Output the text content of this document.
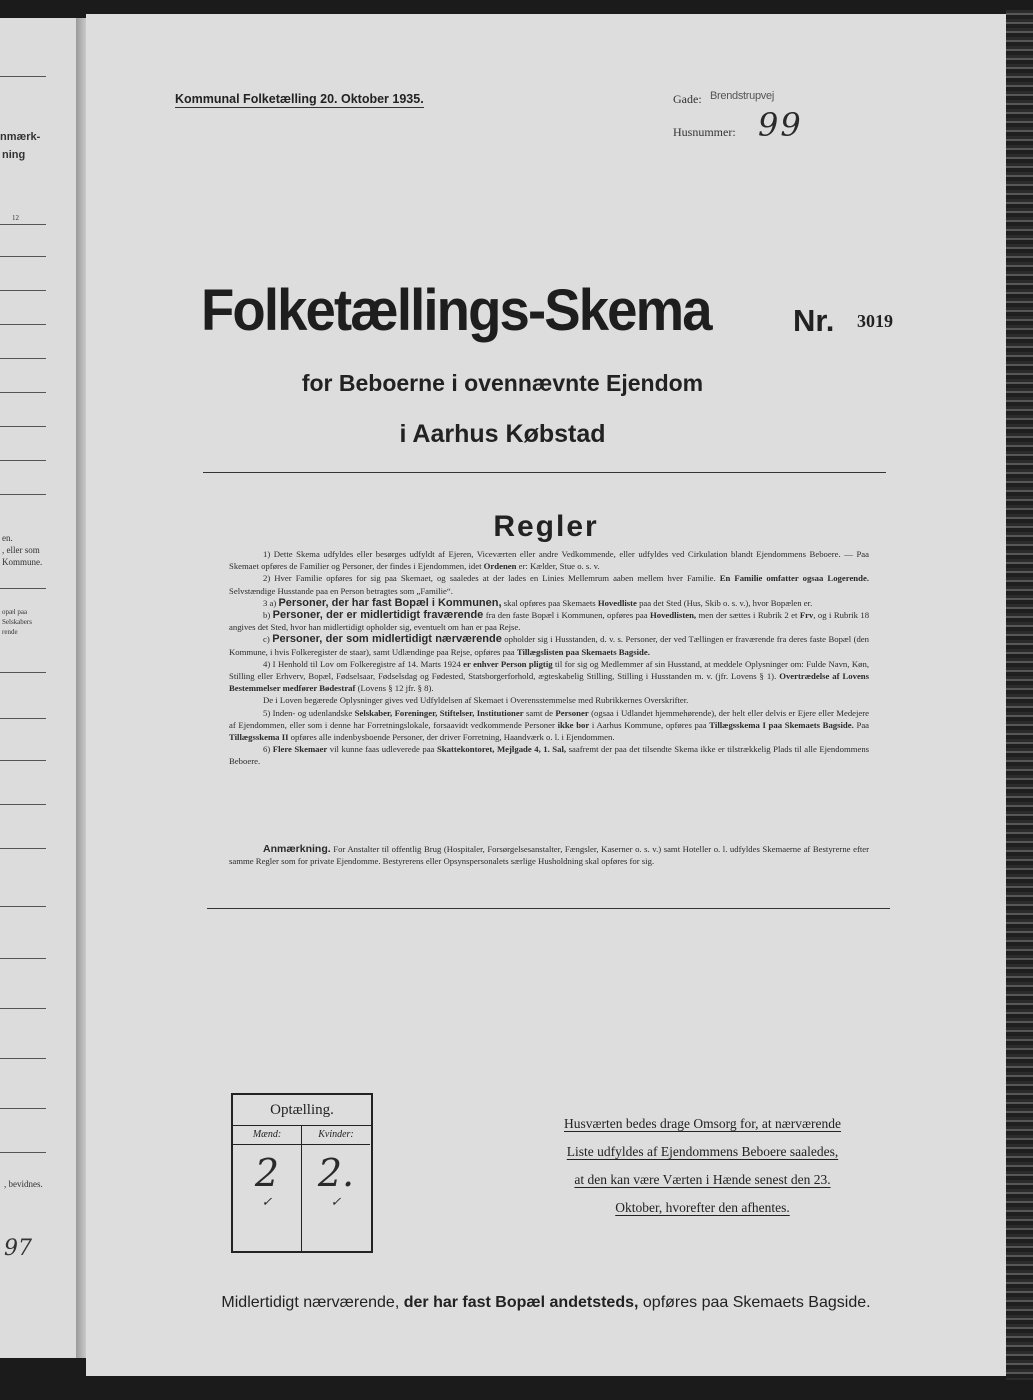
nmærk-
ning
12
en.
, eller som
Kommune.
opæl paa
Selskabers
rende
, bevidnes.
97
Kommunal Folketælling 20. Oktober 1935.	Gade: Brendstrupvej
Husnummer: 99
Folketællings-Skema	Nr. 3019
for Beboerne i ovennævnte Ejendom
i Aarhus Købstad
Regler

1) Dette Skema udfyldes eller besørges udfyldt af Ejeren, Viceværten eller andre Vedkommende, eller udfyldes ved Cirkulation blandt Ejendommens Beboere. — Paa Skemaet opføres de Familier og Personer, der findes i Ejendommen, idet Ordenen er: Kælder, Stue o. s. v.

2) Hver Familie opføres for sig paa Skemaet, og saaledes at der lades en Linies Mellemrum aaben mellem hver Familie. En Familie omfatter ogsaa Logerende. Selvstændige Husstande paa en Person betragtes som „Familie“.

3 a) Personer, der har fast Bopæl i Kommunen, skal opføres paa Skemaets Hovedliste paa det Sted (Hus, Skib o. s. v.), hvor Bopælen er.

b) Personer, der er midlertidigt fraværende fra den faste Bopæl i Kommunen, opføres paa Hovedlisten, men der sættes i Rubrik 2 et Frv, og i Rubrik 18 angives det Sted, hvor han midlertidigt opholder sig, eventuelt om han er paa Rejse.

c) Personer, der som midlertidigt nærværende opholder sig i Husstanden, d. v. s. Personer, der ved Tællingen er fraværende fra deres faste Bopæl (den Kommune, i hvis Folkeregister de staar), samt Udlændinge paa Rejse, opføres paa Tillægslisten paa Skemaets Bagside.

4) I Henhold til Lov om Folkeregistre af 14. Marts 1924 er enhver Person pligtig til for sig og Medlemmer af sin Husstand, at meddele Oplysninger om: Fulde Navn, Køn, Stilling eller Erhverv, Bopæl, Fødselsaar, Fødselsdag og Fødested, Statsborgerforhold, ægteskabelig Stilling, Stilling i Husstanden m. v. (jfr. Lovens § 1). Overtrædelse af Lovens Bestemmelser medfører Bødestraf (Lovens § 12 jfr. § 8).

De i Loven begærede Oplysninger gives ved Udfyldelsen af Skemaet i Overensstemmelse med Rubrikkernes Overskrifter.

5) Inden- og udenlandske Selskaber, Foreninger, Stiftelser, Institutioner samt de Personer (ogsaa i Udlandet hjemmehørende), der helt eller delvis er Ejere eller Medejere af Ejendommen, eller som i denne har Forretningslokale, forsaavidt vedkommende Personer ikke bor i Aarhus Kommune, opføres paa Tillægsskema I paa Skemaets Bagside. Paa Tillægsskema II opføres alle indenbysboende Personer, der driver Forretning, Haandværk o. l. i Ejendommen.

6) Flere Skemaer vil kunne faas udleverede paa Skattekontoret, Mejlgade 4, 1. Sal, saafremt der paa det tilsendte Skema ikke er tilstrækkelig Plads til alle Ejendommens Beboere.

Anmærkning. For Anstalter til offentlig Brug (Hospitaler, Forsørgelsesanstalter, Fængsler, Kaserner o. s. v.) samt Hoteller o. l. udfyldes Skemaerne af Bestyrerne efter samme Regler som for private Ejendomme. Bestyrerens eller Opsynspersonalets særlige Husholdning skal opføres for sig.
Optælling.
Mænd:
2
✓
Kvinder:
2.
✓
Husværten bedes drage Omsorg for, at nærværende
Liste udfyldes af Ejendommens Beboere saaledes,
at den kan være Værten i Hænde senest den 23.
Oktober, hvorefter den afhentes.
Midlertidigt nærværende, der har fast Bopæl andetsteds, opføres paa Skemaets Bagside.
